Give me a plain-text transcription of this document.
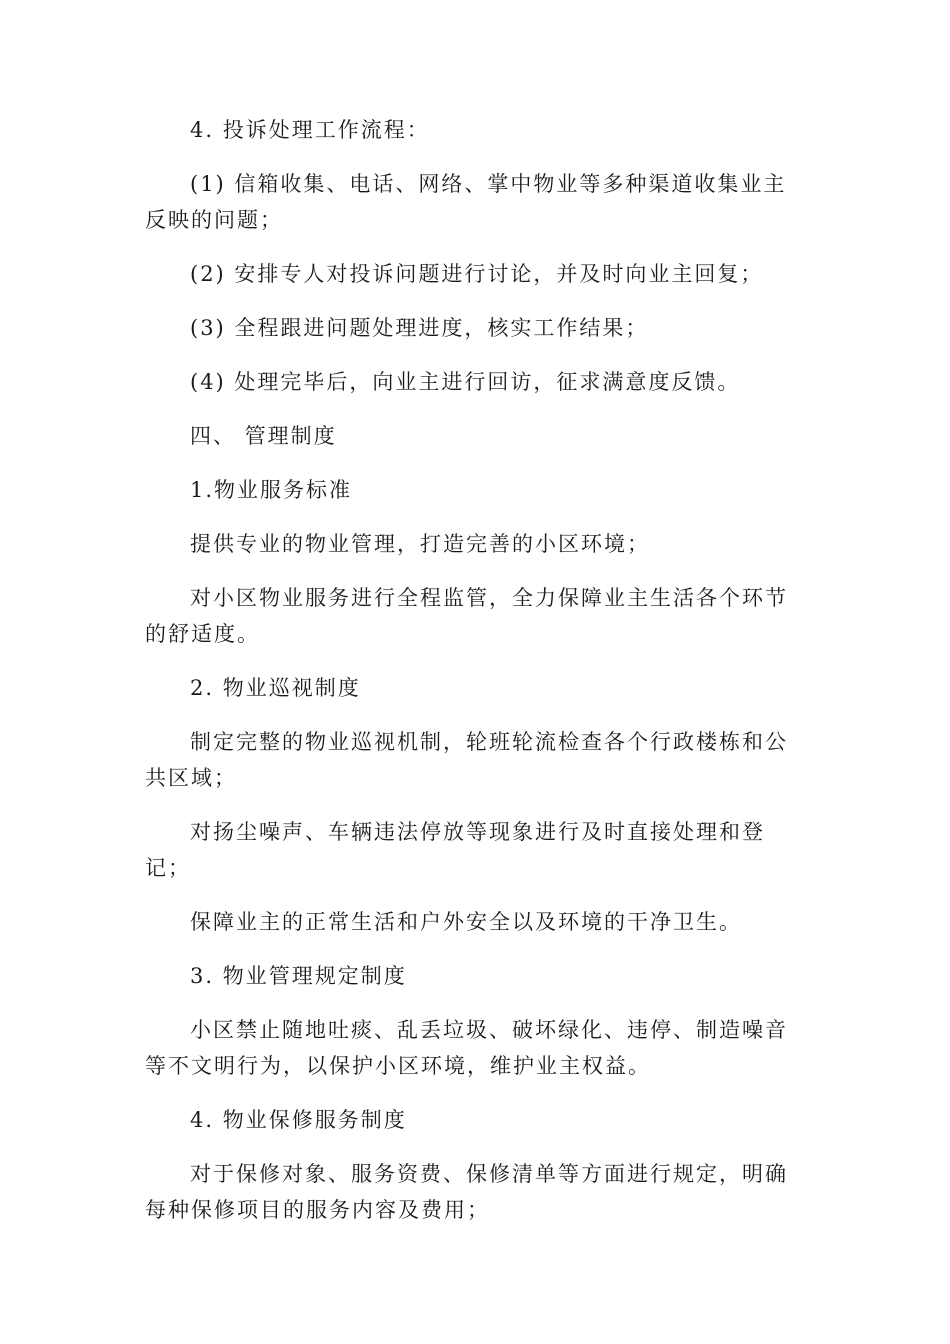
4. 投诉处理工作流程：

(1) 信箱收集、电话、网络、掌中物业等多种渠道收集业主反映的问题；

(2) 安排专人对投诉问题进行讨论，并及时向业主回复；

(3) 全程跟进问题处理进度，核实工作结果；

(4) 处理完毕后，向业主进行回访，征求满意度反馈。

四、 管理制度

1.物业服务标准

提供专业的物业管理，打造完善的小区环境；

对小区物业服务进行全程监管，全力保障业主生活各个环节的舒适度。

2. 物业巡视制度

制定完整的物业巡视机制，轮班轮流检查各个行政楼栋和公共区域；

对扬尘噪声、车辆违法停放等现象进行及时直接处理和登记；

保障业主的正常生活和户外安全以及环境的干净卫生。

3. 物业管理规定制度

小区禁止随地吐痰、乱丢垃圾、破坏绿化、违停、制造噪音等不文明行为，以保护小区环境，维护业主权益。

4. 物业保修服务制度

对于保修对象、服务资费、保修清单等方面进行规定，明确每种保修项目的服务内容及费用；
